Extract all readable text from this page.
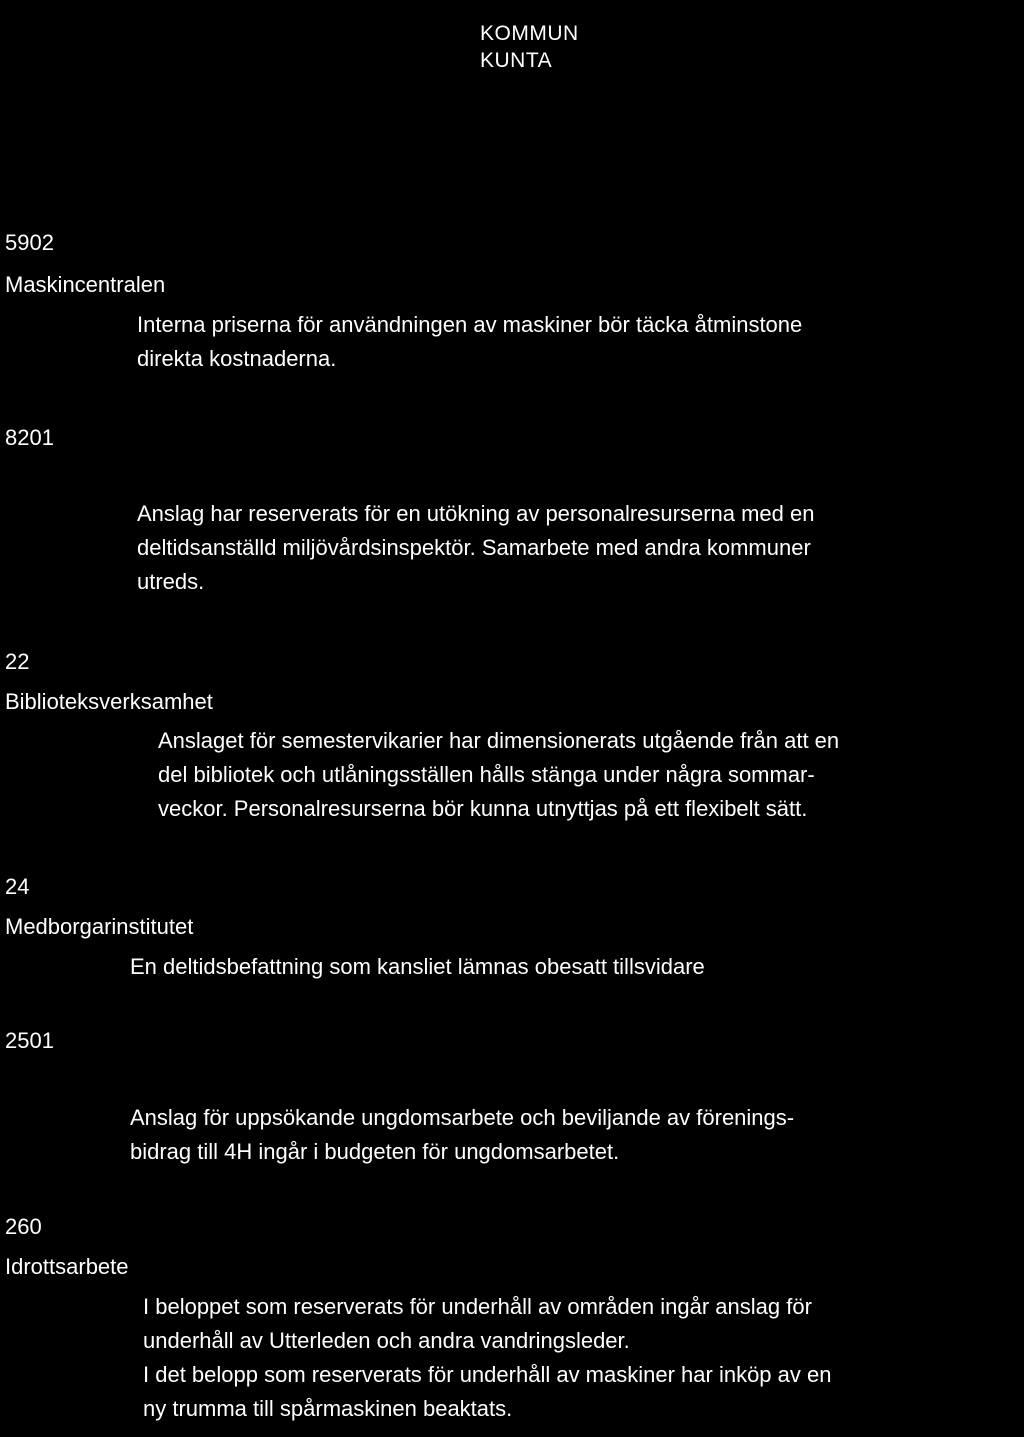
KOMMUN
KUNTA
5902
Maskincentralen
Interna priserna för användningen av maskiner bör täcka åtminstone
direkta kostnaderna.
8201
Anslag har reserverats för en utökning av personalresurserna med en
deltidsanställd miljövårdsinspektör. Samarbete med andra kommuner
utreds.
22
Biblioteksverksamhet
Anslaget för semestervikarier har dimensionerats utgående från att en
del bibliotek och utlåningsställen hålls stänga under några sommar-
veckor. Personalresurserna bör kunna utnyttjas på ett flexibelt sätt.
24
Medborgarinstitutet
En deltidsbefattning som kansliet lämnas obesatt tillsvidare
2501
Anslag för uppsökande ungdomsarbete och beviljande av förenings-
bidrag till 4H ingår i budgeten för ungdomsarbetet.
260
Idrottsarbete
I beloppet som reserverats för underhåll av områden ingår anslag för
underhåll av Utterleden och andra vandringsleder.
I det belopp som reserverats för underhåll av maskiner har inköp av en
ny trumma till spårmaskinen beaktats.
